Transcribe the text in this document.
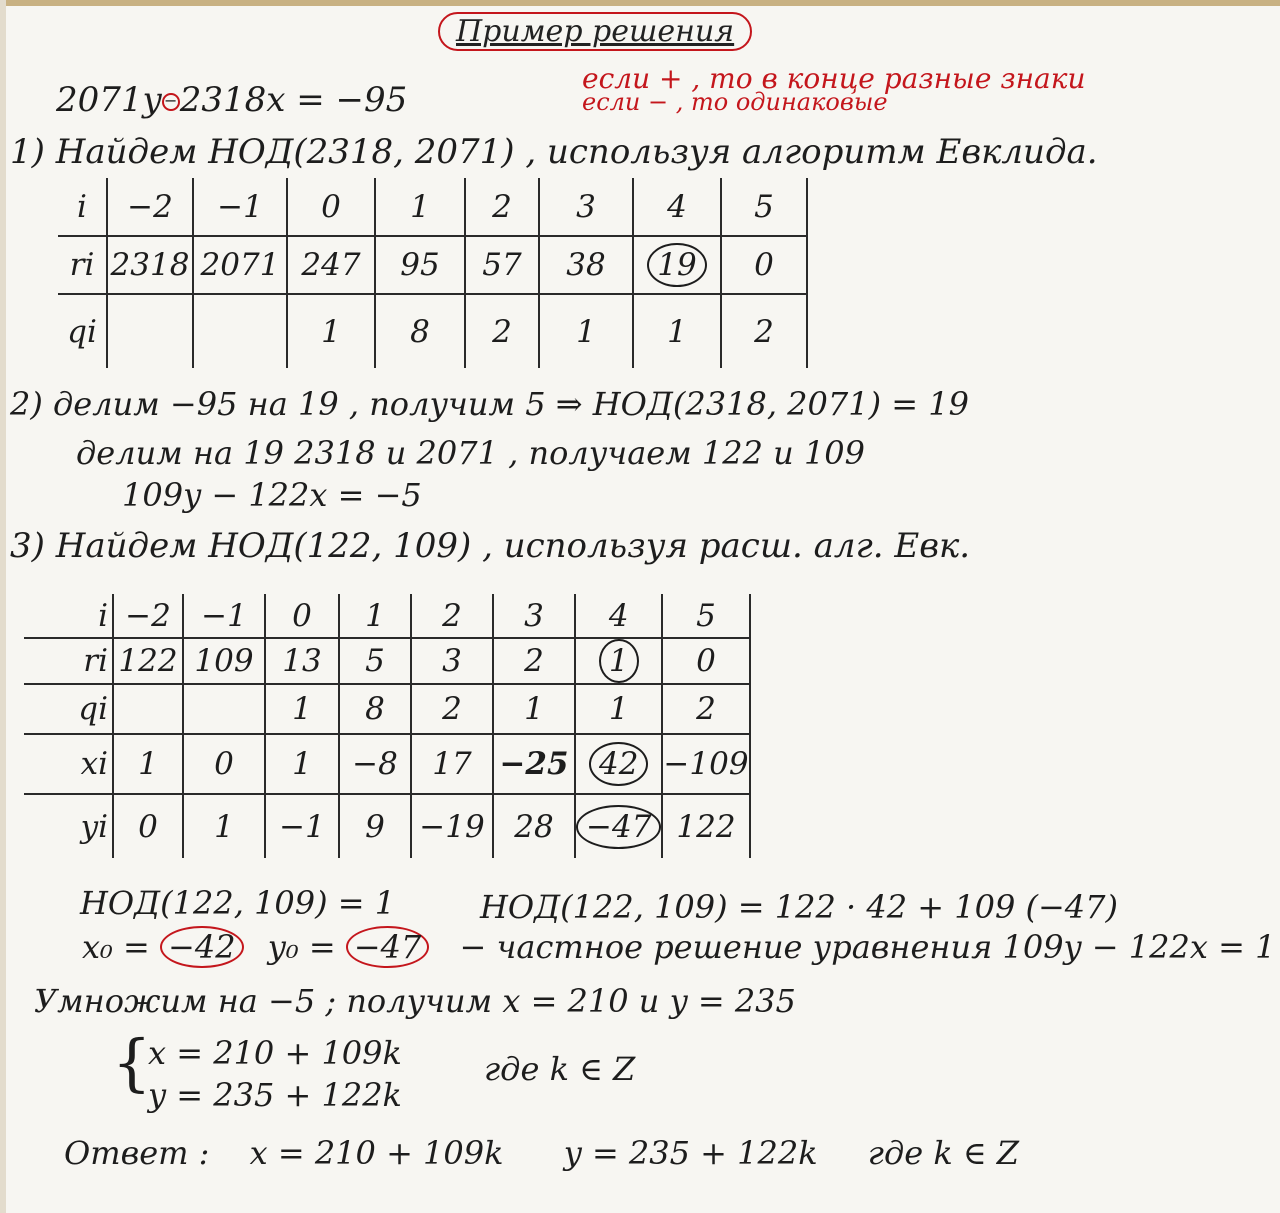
Пример решения
2071y −2318x = −95
если + , то в конце разные знаки
если − , то одинаковые
1) Найдем НОД(2318, 2071) , используя алгоритм Евклида.
i	−2	−1	0	1	2	3	4	5
ri	2318	2071	247	95	57	38	19	0
qi			1	8	2	1	1	2
2) делим −95 на 19 , получим 5 ⇒ НОД(2318, 2071) = 19
делим на 19 2318 и 2071 , получаем 122 и 109
109y − 122x = −5
3) Найдем НОД(122, 109) , используя расш. алг. Евк.
i	−2	−1	0	1	2	3	4	5
ri	122	109	13	5	3	2	1	0
qi			1	8	2	1	1	2
xi	1	0	1	−8	17	−25	42	−109
yi	0	1	−1	9	−19	28	−47	122
НОД(122, 109) = 1	НОД(122, 109) = 122 · 42 + 109 (−47)
x₀ = −42 y₀ = −47 − частное решение уравнения 109y − 122x = 1
Умножим на −5 ; получим x = 210 и y = 235
{
x = 210 + 109k
y = 235 + 122k
где k ∈ Z
Ответ : x = 210 + 109k y = 235 + 122k где k ∈ Z
